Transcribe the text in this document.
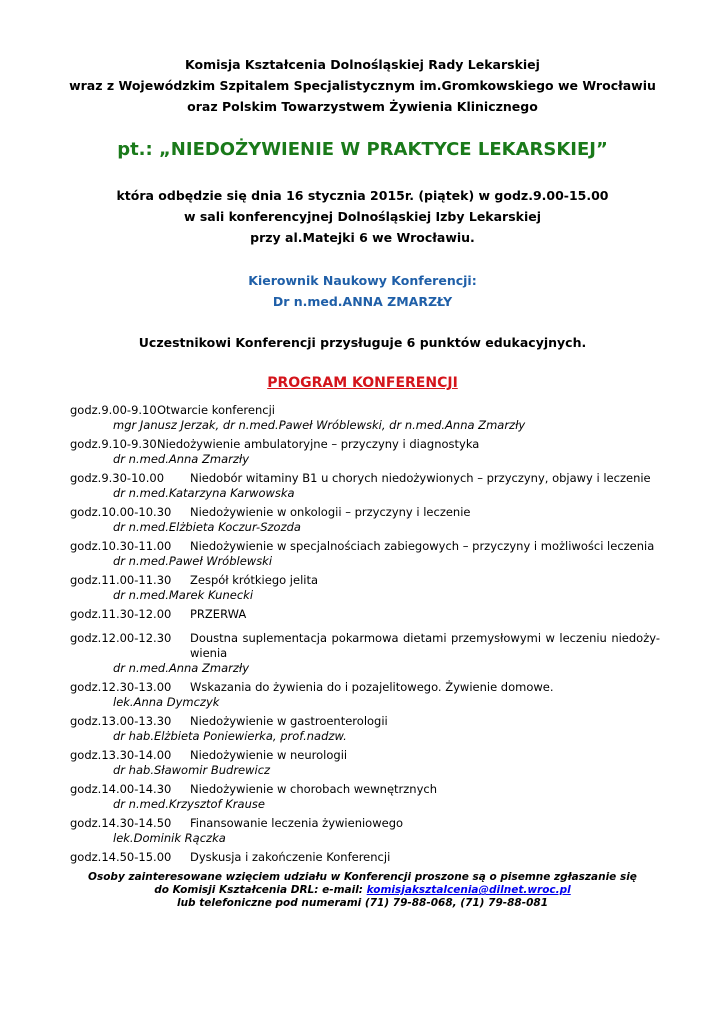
Komisja Kształcenia Dolnośląskiej Rady Lekarskiej
wraz z Wojewódzkim Szpitalem Specjalistycznym im.Gromkowskiego we Wrocławiu
oraz Polskim Towarzystwem Żywienia Klinicznego
pt.: „NIEDOŻYWIENIE W PRAKTYCE LEKARSKIEJ”
która odbędzie się dnia 16 stycznia 2015r. (piątek) w godz.9.00-15.00
w sali konferencyjnej Dolnośląskiej Izby Lekarskiej
przy al.Matejki 6 we Wrocławiu.
Kierownik Naukowy Konferencji:
Dr n.med.ANNA ZMARZŁY
Uczestnikowi Konferencji przysługuje 6 punktów edukacyjnych.
PROGRAM KONFERENCJI
godz.9.00-9.10 Otwarcie konferencji
mgr Janusz Jerzak, dr n.med.Paweł Wróblewski, dr n.med.Anna Zmarzły
godz.9.10-9.30 Niedożywienie ambulatoryjne – przyczyny i diagnostyka
dr n.med.Anna Zmarzły
godz.9.30-10.00	Niedobór witaminy B1 u chorych niedożywionych – przyczyny, objawy i leczenie
dr n.med.Katarzyna Karwowska
godz.10.00-10.30	Niedożywienie w onkologii – przyczyny i leczenie
dr n.med.Elżbieta Koczur-Szozda
godz.10.30-11.00	Niedożywienie w specjalnościach zabiegowych – przyczyny i możliwości leczenia
dr n.med.Paweł Wróblewski
godz.11.00-11.30	Zespół krótkiego jelita
dr n.med.Marek Kunecki
godz.11.30-12.00	PRZERWA
godz.12.00-12.30	Doustna suplementacja pokarmowa dietami przemysłowymi w leczeniu niedoży-wienia
dr n.med.Anna Zmarzły
godz.12.30-13.00	Wskazania do żywienia do i pozajelitowego. Żywienie domowe.
lek.Anna Dymczyk
godz.13.00-13.30	Niedożywienie w gastroenterologii
dr hab.Elżbieta Poniewierka, prof.nadzw.
godz.13.30-14.00	Niedożywienie w neurologii
dr hab.Sławomir Budrewicz
godz.14.00-14.30	Niedożywienie w chorobach wewnętrznych
dr n.med.Krzysztof Krause
godz.14.30-14.50	Finansowanie leczenia żywieniowego
lek.Dominik Rączka
godz.14.50-15.00	Dyskusja i zakończenie Konferencji
Osoby zainteresowane wzięciem udziału w Konferencji proszone są o pisemne zgłaszanie się
do Komisji Kształcenia DRL: e-mail: komisjaksztalcenia@dilnet.wroc.pl
lub telefoniczne pod numerami (71) 79-88-068, (71) 79-88-081
